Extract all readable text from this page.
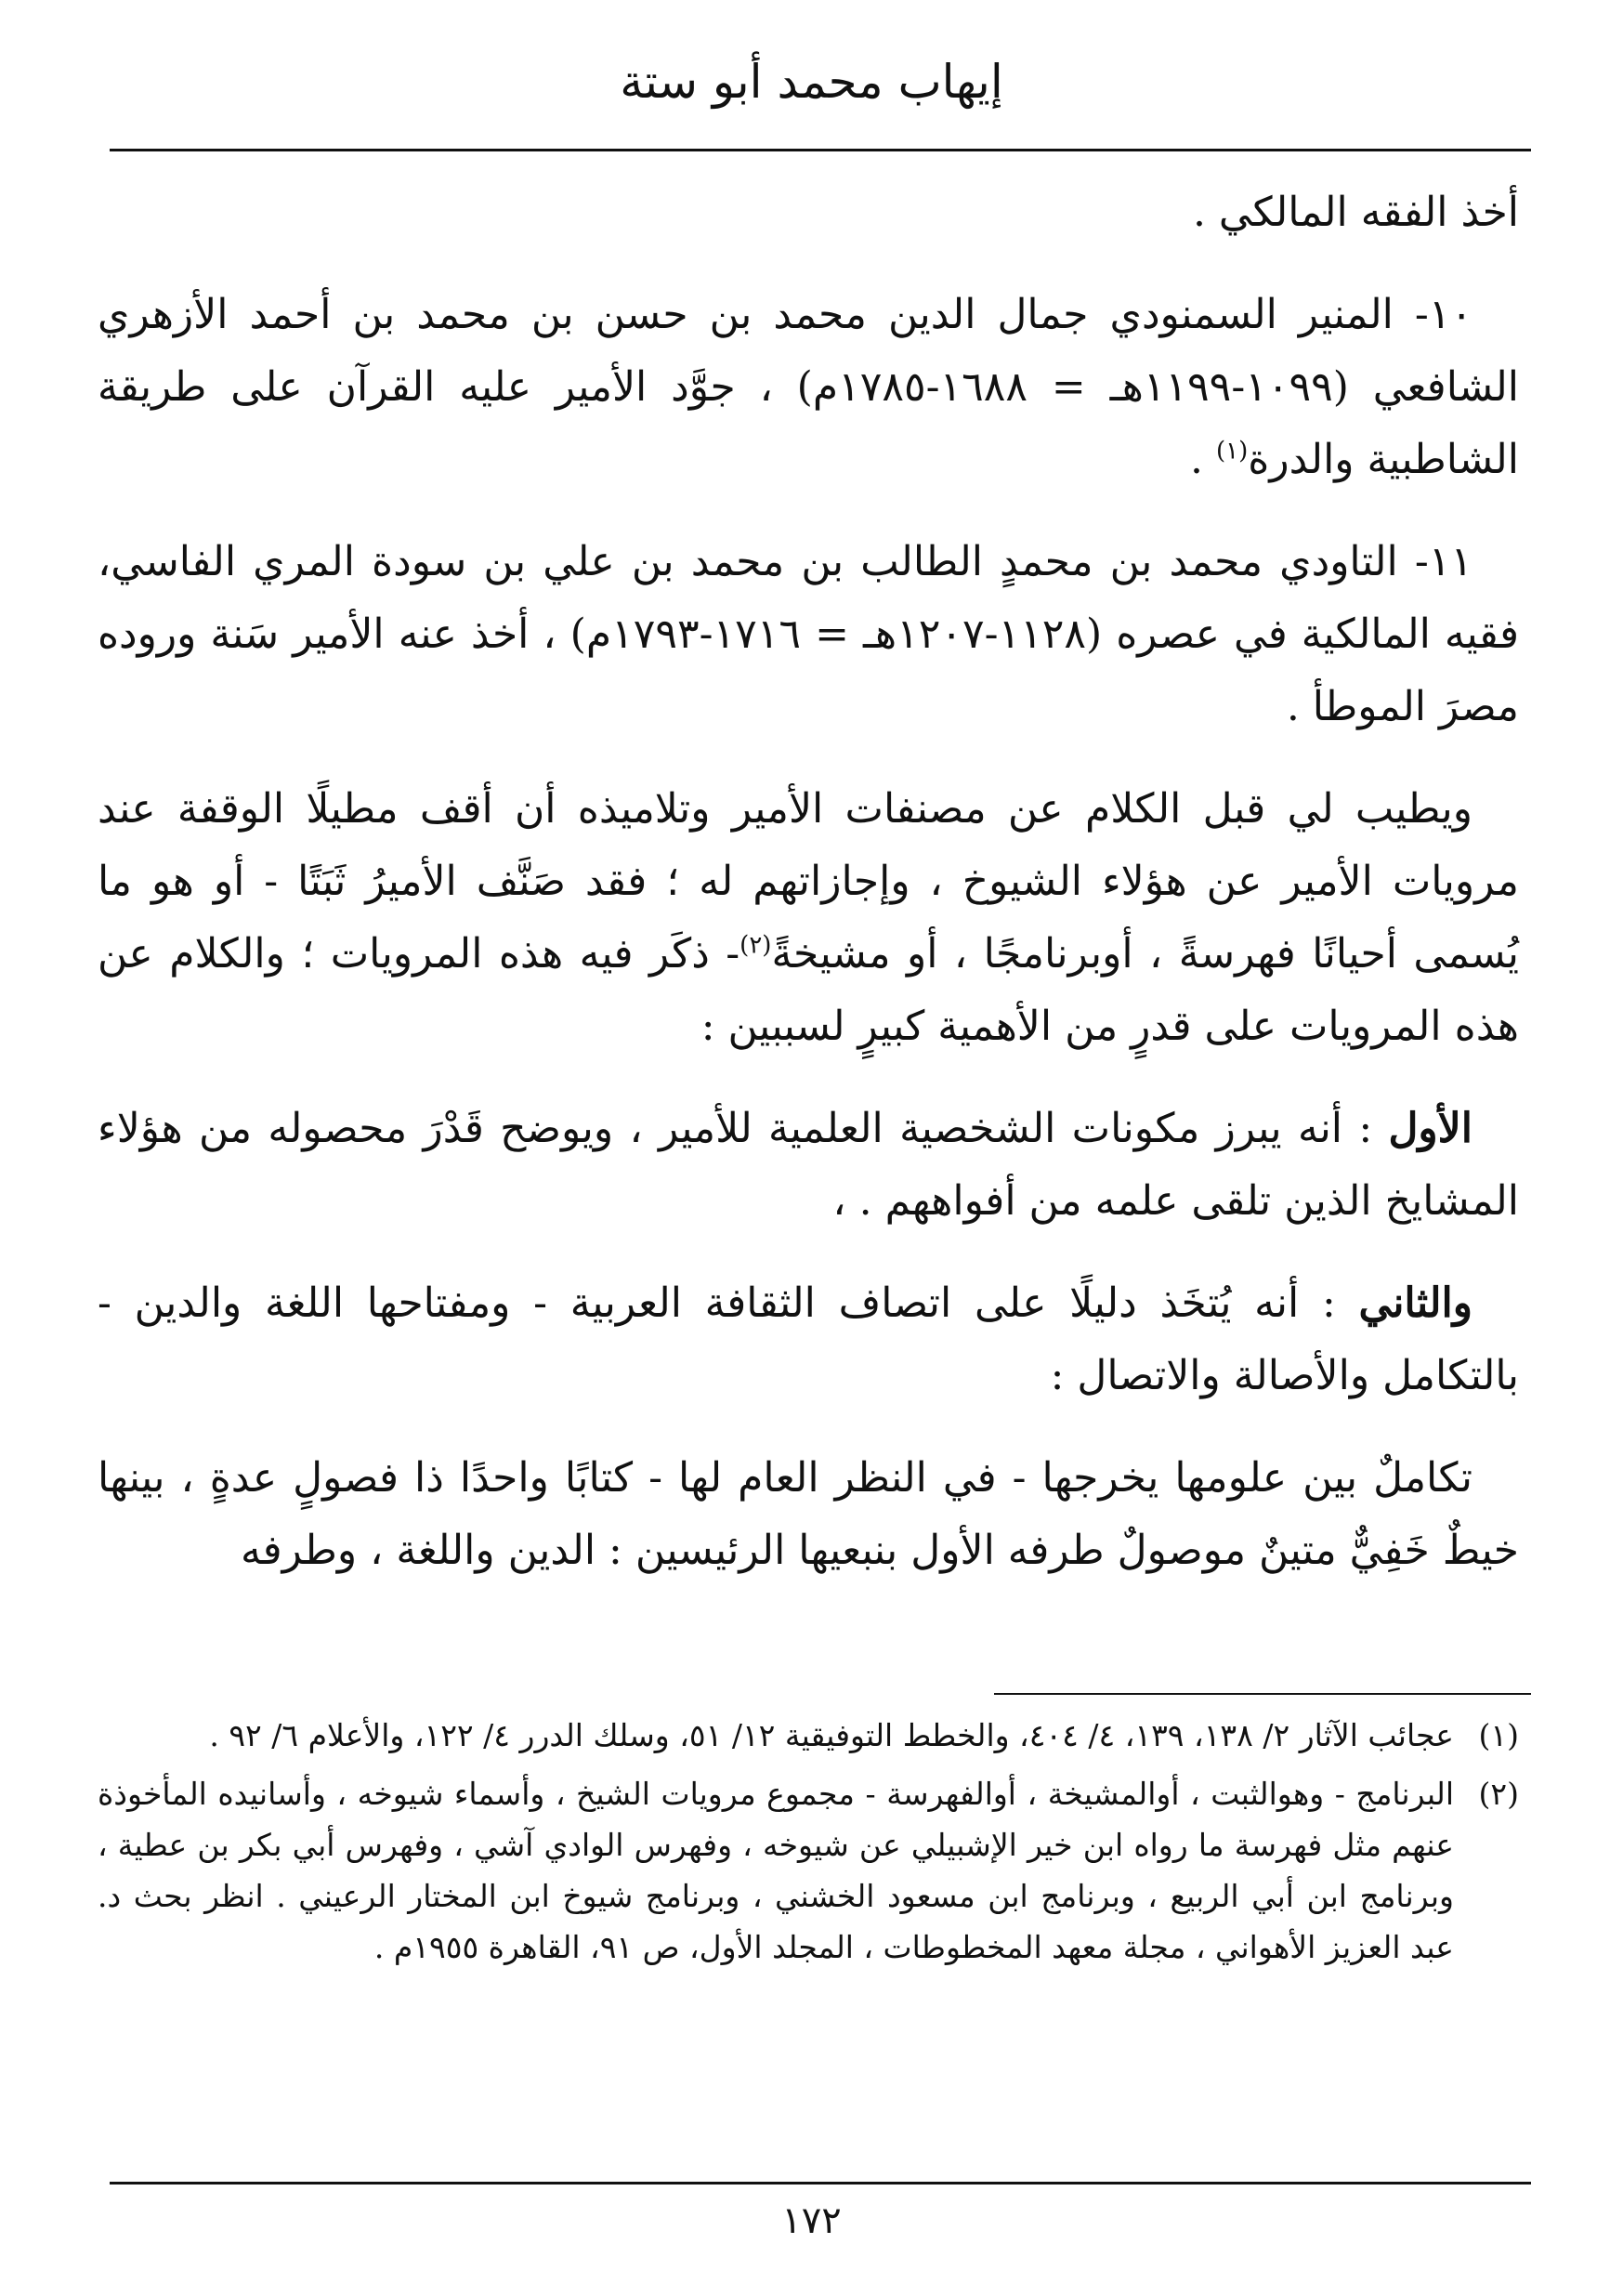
إيهاب محمد أبو ستة

أخذ الفقه المالكي .

١٠- المنير السمنودي جمال الدين محمد بن حسن بن محمد بن أحمد الأزهري الشافعي (١٠٩٩-١١٩٩هـ = ١٦٨٨-١٧٨٥م) ، جوَّد الأمير عليه القرآن على طريقة الشاطبية والدرة$^{(١)}$ .

١١- التاودي محمد بن محمدٍ الطالب بن محمد بن علي بن سودة المري الفاسي، فقيه المالكية في عصره (١١٢٨-١٢٠٧هـ = ١٧١٦-١٧٩٣م) ، أخذ عنه الأمير سَنة وروده مصرَ الموطأ .

ويطيب لي قبل الكلام عن مصنفات الأمير وتلاميذه أن أقف مطيلًا الوقفة عند مرويات الأمير عن هؤلاء الشيوخ ، وإجازاتهم له ؛ فقد صَنَّف الأميرُ ثَبَتًا - أو هو ما يُسمى أحيانًا فهرسةً ، أوبرنامجًا ، أو مشيخةً$^{(٢)}$- ذكَر فيه هذه المرويات ؛ والكلام عن هذه المرويات على قدرٍ من الأهمية كبيرٍ لسببين :

الأول : أنه يبرز مكونات الشخصية العلمية للأمير ، ويوضح قَدْرَ محصوله من هؤلاء المشايخ الذين تلقى علمه من أفواههم . ،

والثاني : أنه يُتخَذ دليلًا على اتصاف الثقافة العربية - ومفتاحها اللغة والدين - بالتكامل والأصالة والاتصال :

تكاملٌ بين علومها يخرجها - في النظر العام لها - كتابًا واحدًا ذا فصولٍ عدةٍ ، بينها خيطٌ خَفِيٌّ متينٌ موصولٌ طرفه الأول بنبعيها الرئيسين : الدين واللغة ، وطرفه

(١)
عجائب الآثار ٢/ ١٣٨، ١٣٩، ٤/ ٤٠٤، والخطط التوفيقية ١٢/ ٥١، وسلك الدرر ٤/ ١٢٢، والأعلام ٦/ ٩٢ .
(٢)
البرنامج - وهوالثبت ، أوالمشيخة ، أوالفهرسة - مجموع مرويات الشيخ ، وأسماء شيوخه ، وأسانيده المأخوذة عنهم مثل فهرسة ما رواه ابن خير الإشبيلي عن شيوخه ، وفهرس الوادي آشي ، وفهرس أبي بكر بن عطية ، وبرنامج ابن أبي الربيع ، وبرنامج ابن مسعود الخشني ، وبرنامج شيوخ ابن المختار الرعيني . انظر بحث د. عبد العزيز الأهواني ، مجلة معهد المخطوطات ، المجلد الأول، ص ٩١، القاهرة ١٩٥٥م .
١٧٢
